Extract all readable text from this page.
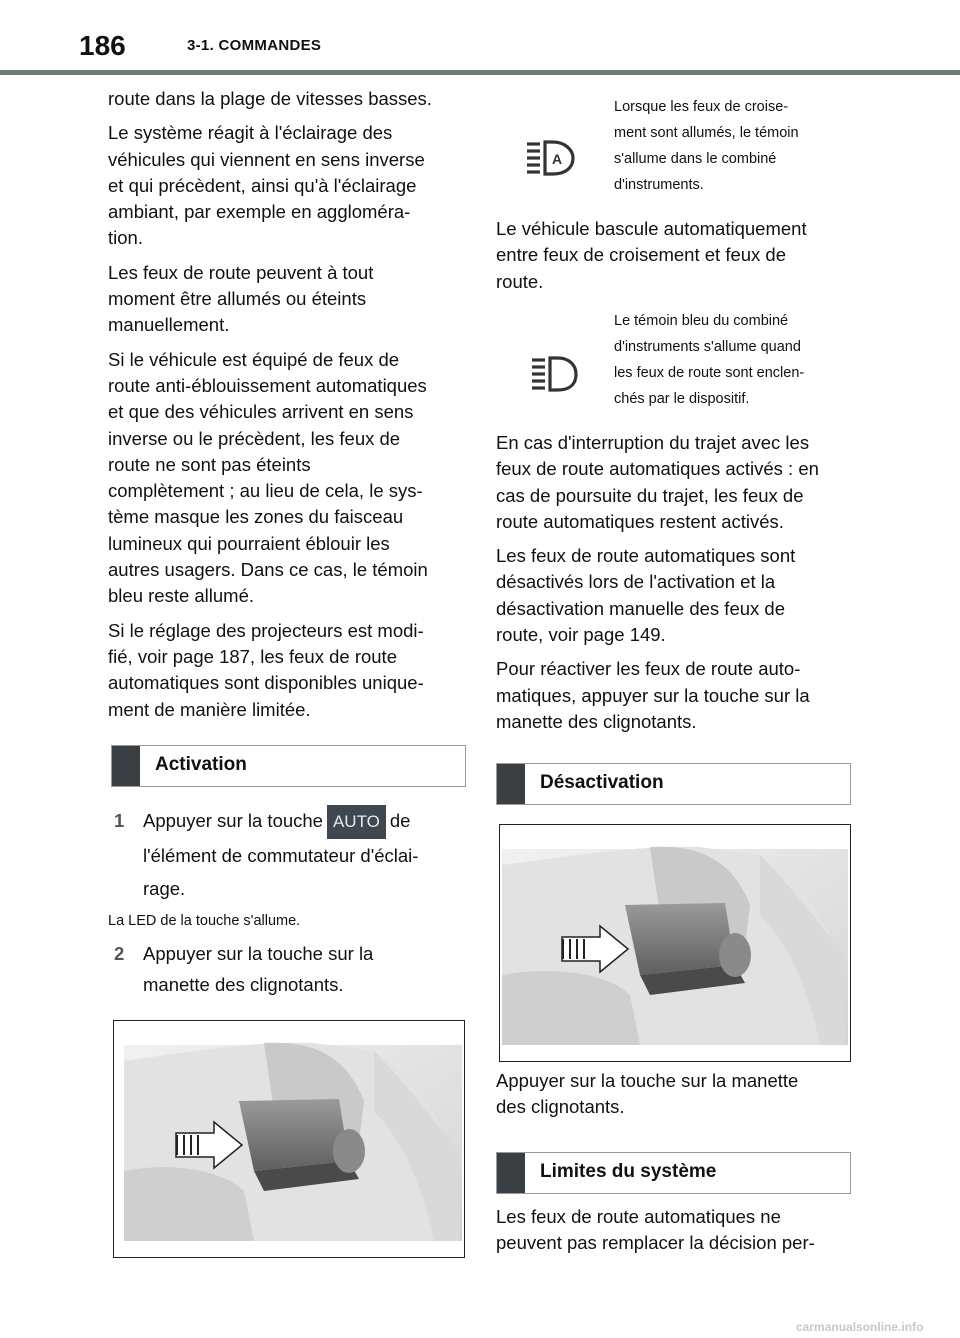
186	3-1. COMMANDES

route dans la plage de vitesses basses.

Le système réagit à l'éclairage des
véhicules qui viennent en sens inverse
et qui précèdent, ainsi qu'à l'éclairage
ambiant, par exemple en aggloméra-
tion.

Les feux de route peuvent à tout
moment être allumés ou éteints
manuellement.

Si le véhicule est équipé de feux de
route anti-éblouissement automatiques
et que des véhicules arrivent en sens
inverse ou le précèdent, les feux de
route ne sont pas éteints
complètement ; au lieu de cela, le sys-
tème masque les zones du faisceau
lumineux qui pourraient éblouir les
autres usagers. Dans ce cas, le témoin
bleu reste allumé.

Si le réglage des projecteurs est modi-
fié, voir page 187, les feux de route
automatiques sont disponibles unique-
ment de manière limitée.

Activation
1 Appuyer sur la touche AUTO de
l'élément de commutateur d'éclai-
rage.
La LED de la touche s'allume.
2 Appuyer sur la touche sur la
manette des clignotants.
A
Lorsque les feux de croise-
ment sont allumés, le témoin
s'allume dans le combiné
d'instruments.
Le véhicule bascule automatiquement
entre feux de croisement et feux de
route.
Le témoin bleu du combiné
d'instruments s'allume quand
les feux de route sont enclen-
chés par le dispositif.

En cas d'interruption du trajet avec les
feux de route automatiques activés : en
cas de poursuite du trajet, les feux de
route automatiques restent activés.

Les feux de route automatiques sont
désactivés lors de l'activation et la
désactivation manuelle des feux de
route, voir page 149.

Pour réactiver les feux de route auto-
matiques, appuyer sur la touche sur la
manette des clignotants.

Désactivation
Appuyer sur la touche sur la manette
des clignotants.
Limites du système
Les feux de route automatiques ne
peuvent pas remplacer la décision per-
carmanualsonline.info
